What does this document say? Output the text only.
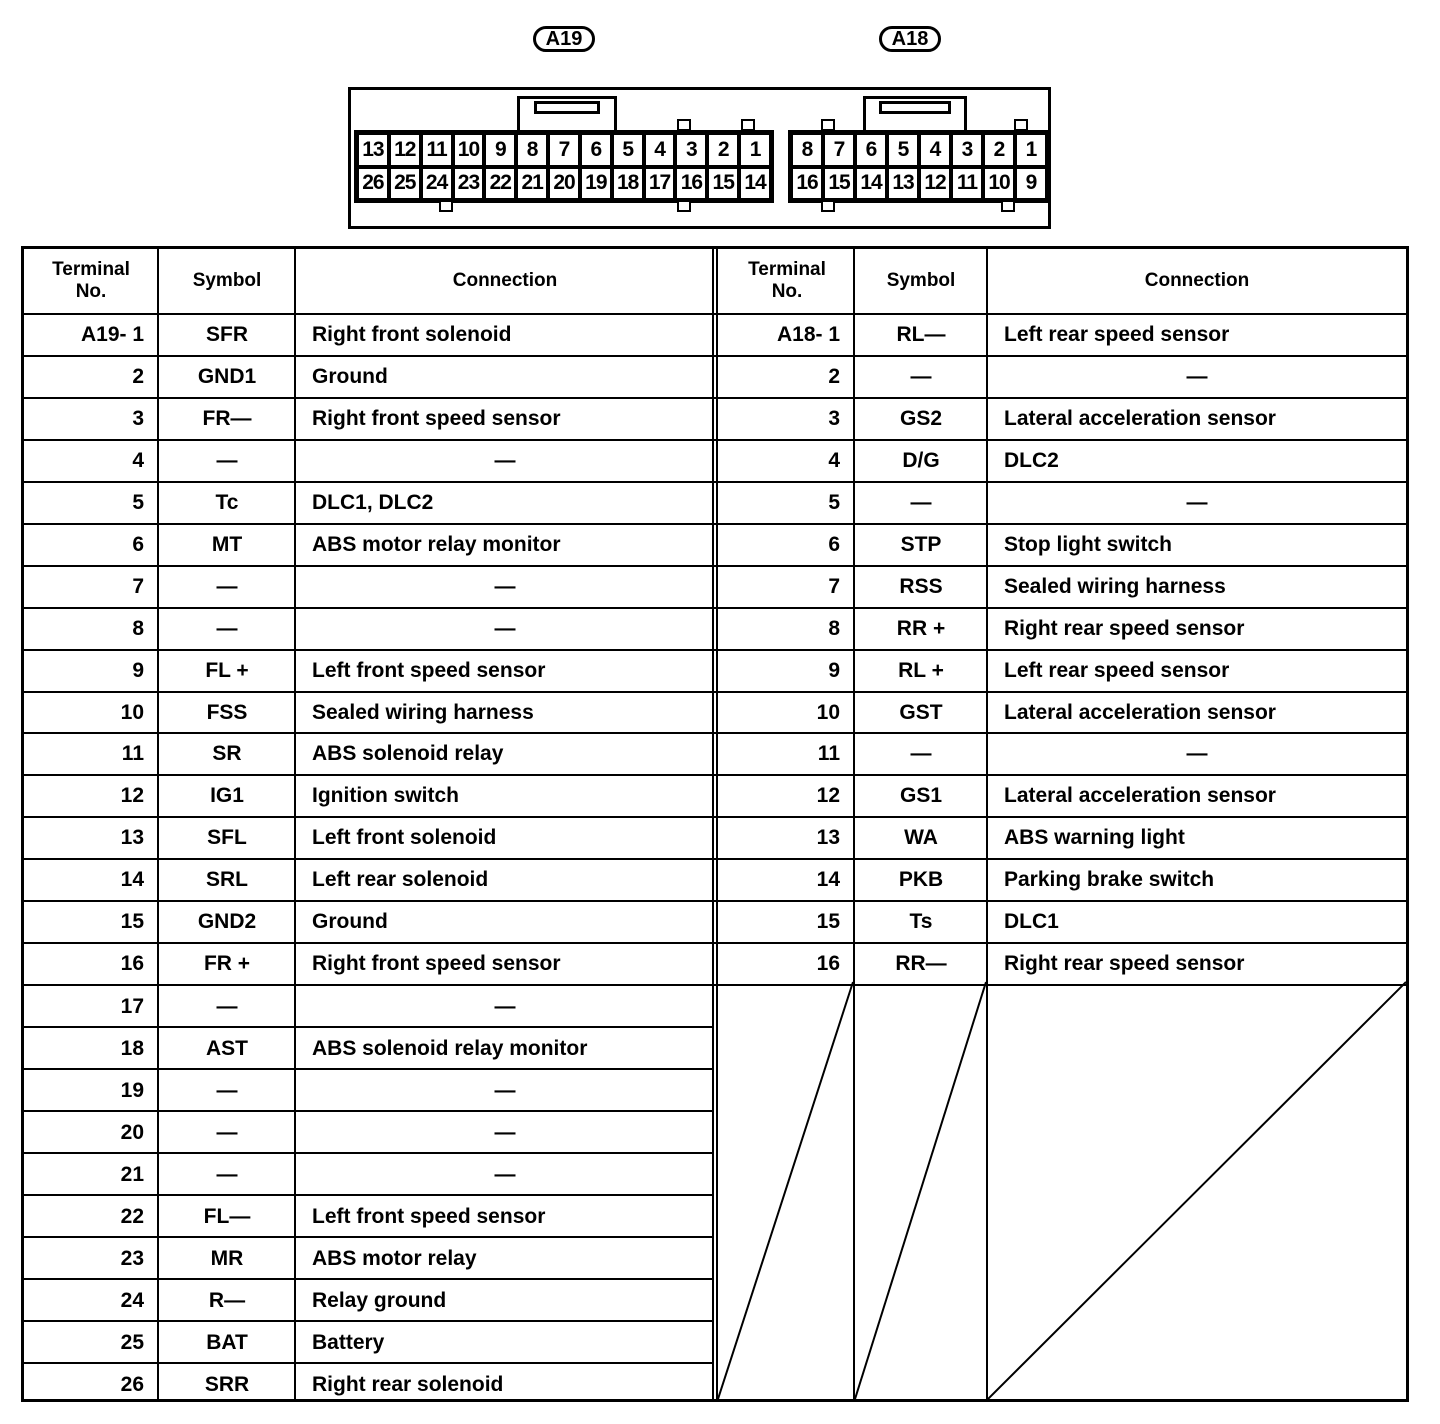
A19	A18
13 12 11 10 9	8	7	6	5	4	3	2	1
26 25 24 23 22 21 20 19 18 17 16 15 14
8	7	6	5	4	3	2	1
16 15 14 13 12 11 10 9
Terminal
No.
Symbol	Connection
Terminal
No.
Symbol	Connection
A19- 1	SFR	Right front solenoid	A18- 1	RL—	Left rear speed sensor
2	GND1	Ground	2	—	—
3	FR—	Right front speed sensor	3	GS2	Lateral acceleration sensor
4	—	—	4	D/G	DLC2
5	Tc	DLC1, DLC2	5	—	—
6	MT	ABS motor relay monitor	6	STP	Stop light switch
7	—	—	7	RSS	Sealed wiring harness
8	—	—	8	RR +	Right rear speed sensor
9	FL +	Left front speed sensor	9	RL +	Left rear speed sensor
10	FSS	Sealed wiring harness	10	GST	Lateral acceleration sensor
11	SR	ABS solenoid relay	11	—	—
12	IG1	Ignition switch	12	GS1	Lateral acceleration sensor
13	SFL	Left front solenoid	13	WA	ABS warning light
14	SRL	Left rear solenoid	14	PKB	Parking brake switch
15	GND2	Ground	15	Ts	DLC1
16	FR +	Right front speed sensor	16	RR—	Right rear speed sensor
17	—	—
18	AST	ABS solenoid relay monitor
19	—	—
20	—	—
21	—	—
22	FL—	Left front speed sensor
23	MR	ABS motor relay
24	R—	Relay ground
25	BAT	Battery
26	SRR	Right rear solenoid
